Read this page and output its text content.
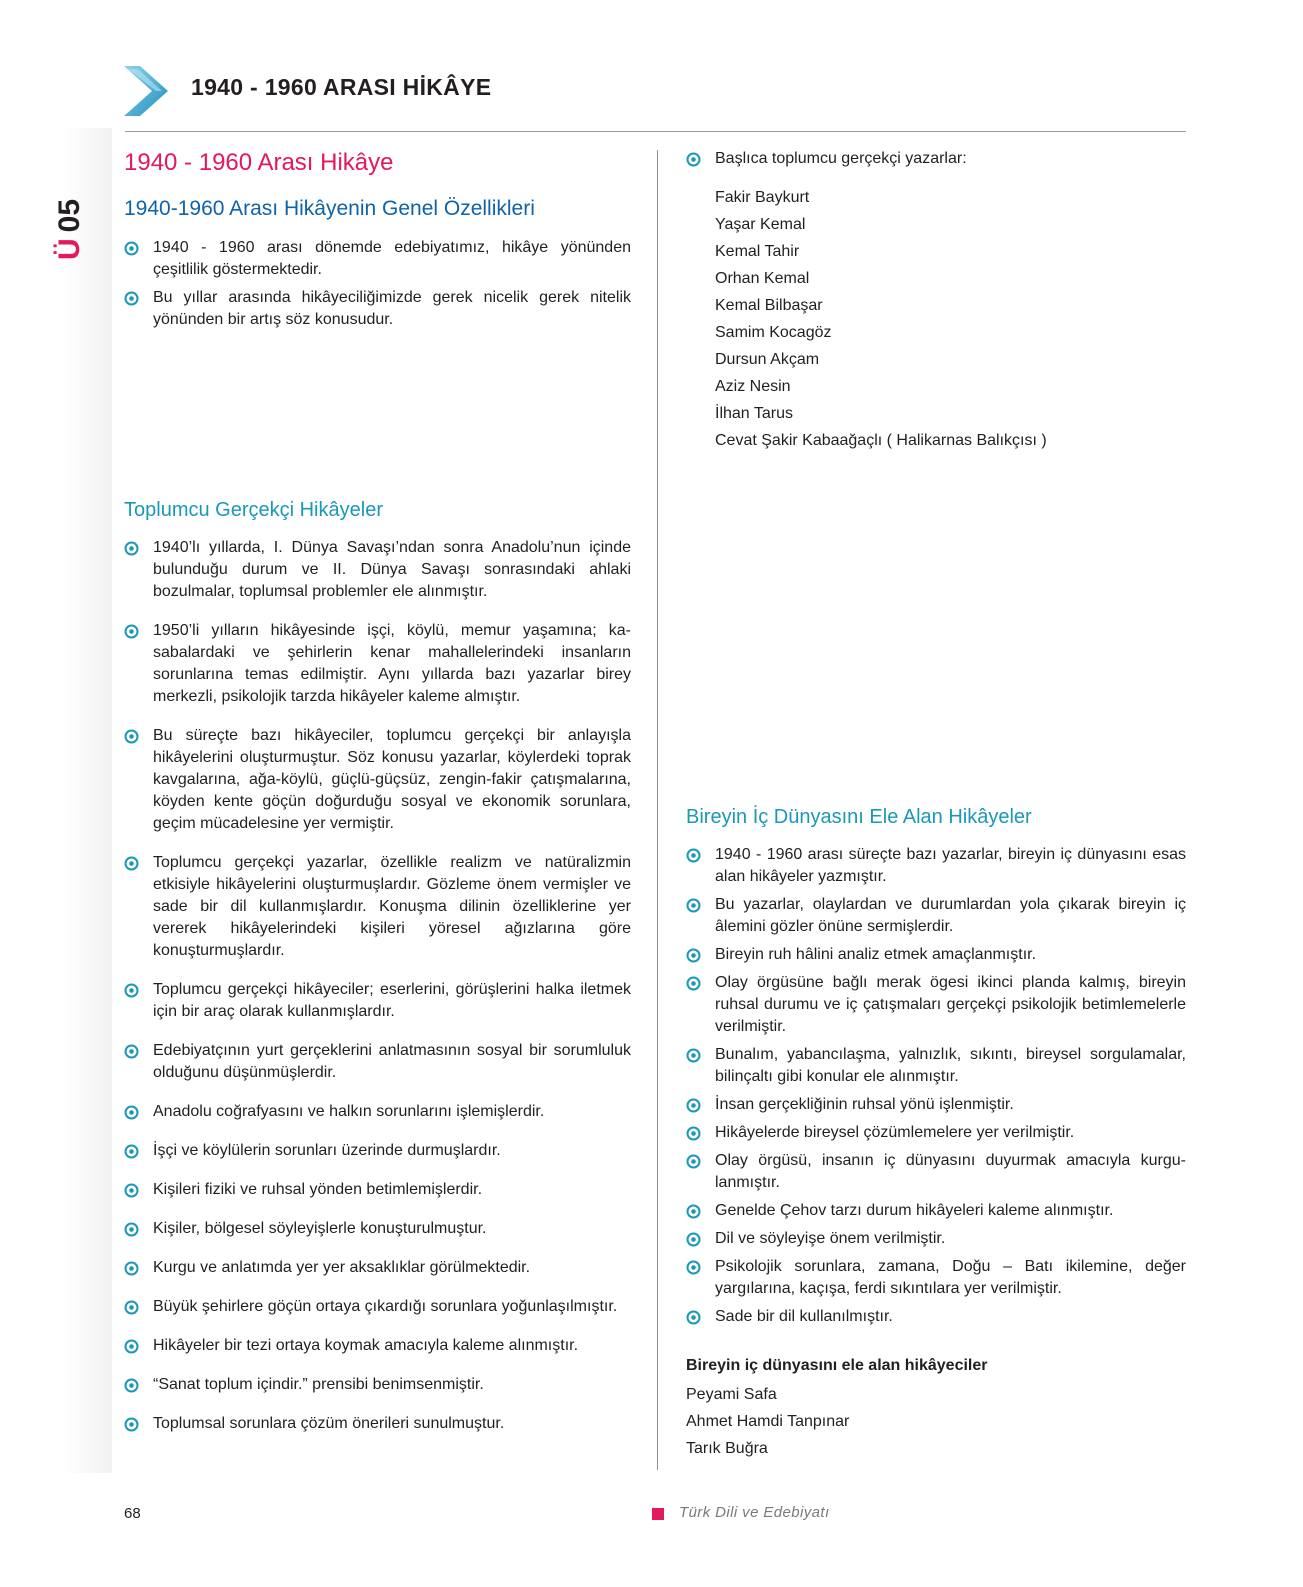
1940 - 1960 ARASI HİKÂYE
Ü
05
1940 - 1960 Arası Hikâye
1940-1960 Arası Hikâyenin Genel Özellikleri
1940 - 1960 arası dönemde edebiyatımız, hikâye yönünden çeşitlilik göstermektedir.
Bu yıllar arasında hikâyeciliğimizde gerek nicelik gerek nitelik yönünden bir artış söz konusudur.
Toplumcu Gerçekçi Hikâyeler
1940’lı yıllarda, I. Dünya Savaşı’ndan sonra Anadolu’nun içinde bulunduğu durum ve II. Dünya Savaşı sonrasındaki ahlaki bozulmalar, toplumsal problemler ele alınmıştır.
1950’li yılların hikâyesinde işçi, köylü, memur yaşamına; kasabalardaki ve şehirlerin kenar mahallelerindeki insanların sorunlarına temas edilmiştir. Aynı yıllarda bazı yazarlar birey merkezli, psikolojik tarzda hikâyeler kaleme almıştır.
Bu süreçte bazı hikâyeciler, toplumcu gerçekçi bir anlayışla hikâyelerini oluşturmuştur. Söz konusu yazarlar, köylerdeki toprak kavgalarına, ağa-köylü, güçlü-güçsüz, zengin-fakir çatışmalarına, köyden kente göçün doğurduğu sosyal ve ekonomik sorunlara, geçim mücadelesine yer vermiştir.
Toplumcu gerçekçi yazarlar, özellikle realizm ve natüralizmin etkisiyle hikâyelerini oluşturmuşlardır. Gözleme önem vermişler ve sade bir dil kullanmışlardır. Konuşma dilinin özelliklerine yer vererek hikâyelerindeki kişileri yöresel ağızlarına göre konuşturmuşlardır.
Toplumcu gerçekçi hikâyeciler; eserlerini, görüşlerini halka iletmek için bir araç olarak kullanmışlardır.
Edebiyatçının yurt gerçeklerini anlatmasının sosyal bir sorumluluk olduğunu düşünmüşlerdir.
Anadolu coğrafyasını ve halkın sorunlarını işlemişlerdir.
İşçi ve köylülerin sorunları üzerinde durmuşlardır.
Kişileri fiziki ve ruhsal yönden betimlemişlerdir.
Kişiler, bölgesel söyleyişlerle konuşturulmuştur.
Kurgu ve anlatımda yer yer aksaklıklar görülmektedir.
Büyük şehirlere göçün ortaya çıkardığı sorunlara yoğunlaşılmıştır.
Hikâyeler bir tezi ortaya koymak amacıyla kaleme alınmıştır.
“Sanat toplum içindir.” prensibi benimsenmiştir.
Toplumsal sorunlara çözüm önerileri sunulmuştur.
Başlıca toplumcu gerçekçi yazarlar:
Fakir Baykurt
Yaşar Kemal
Kemal Tahir
Orhan Kemal
Kemal Bilbaşar
Samim Kocagöz
Dursun Akçam
Aziz Nesin
İlhan Tarus
Cevat Şakir Kabaağaçlı ( Halikarnas Balıkçısı )
Bireyin İç Dünyasını Ele Alan Hikâyeler
1940 - 1960 arası süreçte bazı yazarlar, bireyin iç dünyasını esas alan hikâyeler yazmıştır.
Bu yazarlar, olaylardan ve durumlardan yola çıkarak bireyin iç âlemini gözler önüne sermişlerdir.
Bireyin ruh hâlini analiz etmek amaçlanmıştır.
Olay örgüsüne bağlı merak ögesi ikinci planda kalmış, bireyin ruhsal durumu ve iç çatışmaları gerçekçi psikolojik betimlemelerle verilmiştir.
Bunalım, yabancılaşma, yalnızlık, sıkıntı, bireysel sorgulamalar, bilinçaltı gibi konular ele alınmıştır.
İnsan gerçekliğinin ruhsal yönü işlenmiştir.
Hikâyelerde bireysel çözümlemelere yer verilmiştir.
Olay örgüsü, insanın iç dünyasını duyurmak amacıyla kurgulanmıştır.
Genelde Çehov tarzı durum hikâyeleri kaleme alınmıştır.
Dil ve söyleyişe önem verilmiştir.
Psikolojik sorunlara, zamana, Doğu – Batı ikilemine, değer yargılarına, kaçışa, ferdi sıkıntılara yer verilmiştir.
Sade bir dil kullanılmıştır.
Bireyin iç dünyasını ele alan hikâyeciler
Peyami Safa
Ahmet Hamdi Tanpınar
Tarık Buğra
68	Türk Dili ve Edebiyatı
